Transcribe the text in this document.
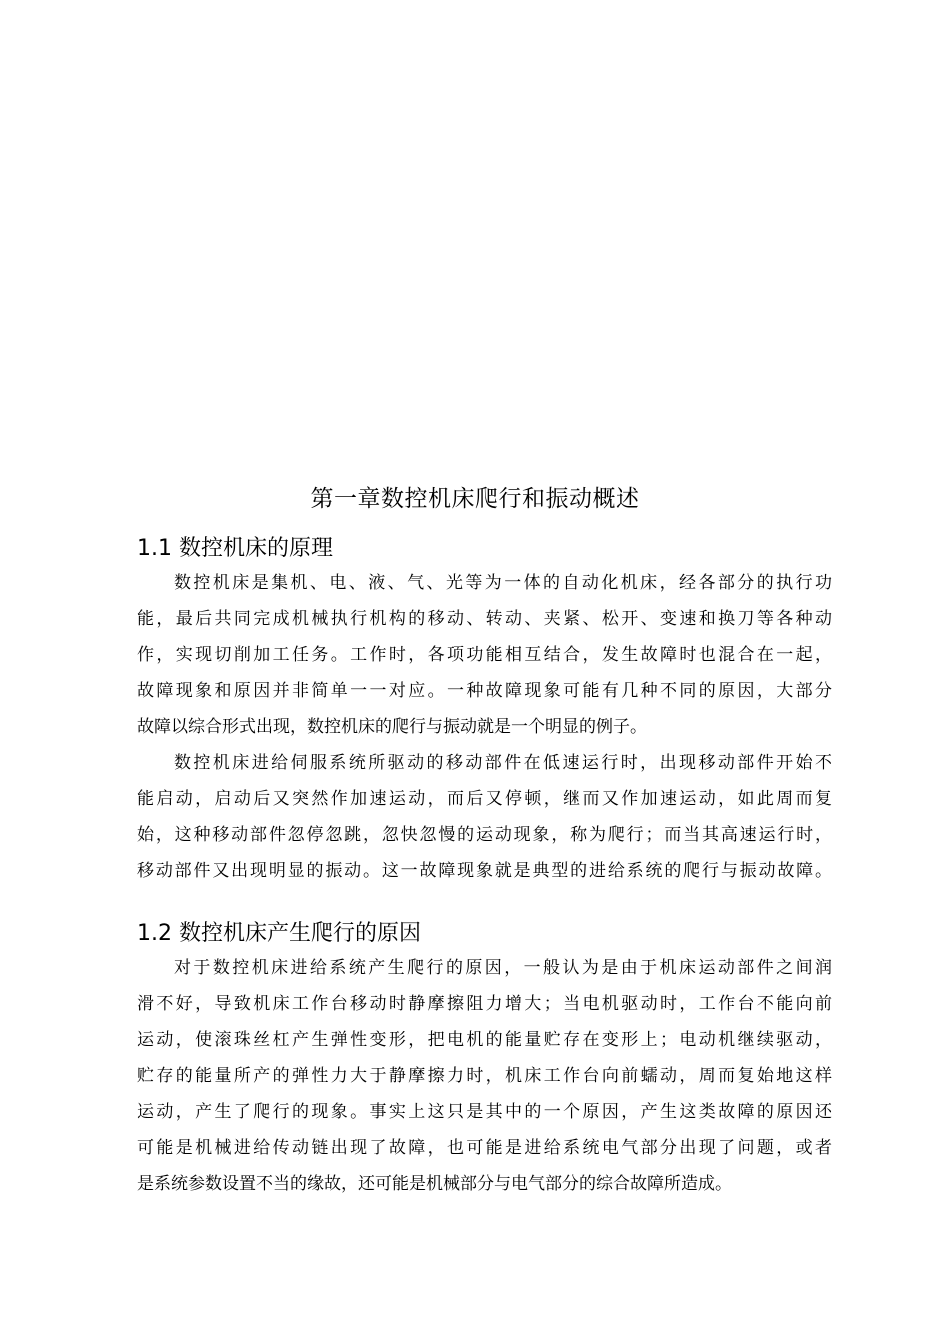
第一章数控机床爬行和振动概述
1.1 数控机床的原理
数控机床是集机、电、液、气、光等为一体的自动化机床，经各部分的执行功
能，最后共同完成机械执行机构的移动、转动、夹紧、松开、变速和换刀等各种动
作，实现切削加工任务。工作时，各项功能相互结合，发生故障时也混合在一起，
故障现象和原因并非简单一一对应。一种故障现象可能有几种不同的原因，大部分
故障以综合形式出现，数控机床的爬行与振动就是一个明显的例子。
数控机床进给伺服系统所驱动的移动部件在低速运行时，出现移动部件开始不
能启动，启动后又突然作加速运动，而后又停顿，继而又作加速运动，如此周而复
始，这种移动部件忽停忽跳，忽快忽慢的运动现象，称为爬行；而当其高速运行时，
移动部件又出现明显的振动。这一故障现象就是典型的进给系统的爬行与振动故障。
1.2 数控机床产生爬行的原因
对于数控机床进给系统产生爬行的原因，一般认为是由于机床运动部件之间润
滑不好，导致机床工作台移动时静摩擦阻力增大；当电机驱动时，工作台不能向前
运动，使滚珠丝杠产生弹性变形，把电机的能量贮存在变形上；电动机继续驱动，
贮存的能量所产的弹性力大于静摩擦力时，机床工作台向前蠕动，周而复始地这样
运动，产生了爬行的现象。事实上这只是其中的一个原因，产生这类故障的原因还
可能是机械进给传动链出现了故障，也可能是进给系统电气部分出现了问题，或者
是系统参数设置不当的缘故，还可能是机械部分与电气部分的综合故障所造成。
